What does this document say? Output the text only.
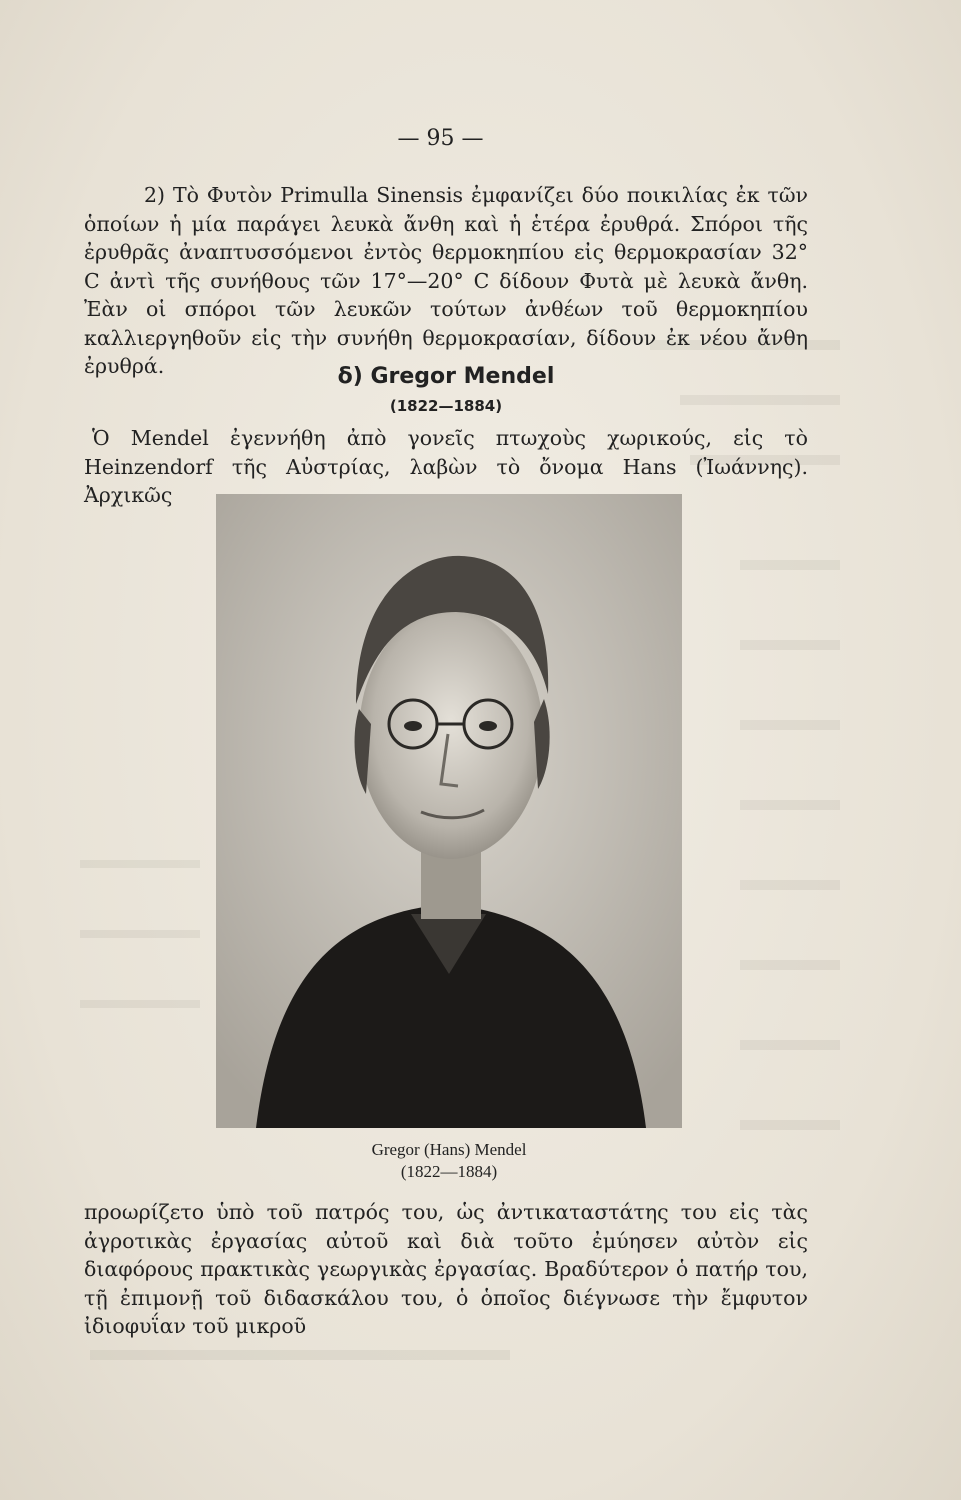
— 95 —

2) Τὸ Φυτὸν Primulla Sinensis ἐμφανίζει δύο ποικιλίας ἐκ τῶν ὁποίων ἡ μία παράγει λευκὰ ἄνθη καὶ ἡ ἑτέρα ἐρυθρά. Σπόροι τῆς ἐρυθρᾶς ἀναπτυσσόμενοι ἐντὸς θερμοκηπίου εἰς θερμοκρασίαν 32° C ἀντὶ τῆς συνήθους τῶν 17°—20° C δίδουν Φυτὰ μὲ λευκὰ ἄνθη. Ἐὰν οἱ σπόροι τῶν λευκῶν τούτων ἀνθέων τοῦ θερμοκηπίου καλλιεργηθοῦν εἰς τὴν συνήθη θερμοκρασίαν, δίδουν ἐκ νέου ἄνθη ἐρυθρά.	δ) Gregor Mendel
(1822—1884)

Ὁ Mendel ἐγεννήθη ἀπὸ γονεῖς πτωχοὺς χωρικούς, εἰς τὸ Heinzendorf τῆς Αὐστρίας, λαβὼν τὸ ὄνομα Hans (Ἰωάννης). Ἀρχικῶς

Gregor (Hans) Mendel
(1822—1884)

προωρίζετο ὑπὸ τοῦ πατρός του, ὡς ἀντικαταστάτης του εἰς τὰς ἀγροτικὰς ἐργασίας αὐτοῦ καὶ διὰ τοῦτο ἐμύησεν αὐτὸν εἰς διαφόρους πρακτικὰς γεωργικὰς ἐργασίας. Βραδύτερον ὁ πατήρ του, τῇ ἐπιμονῇ τοῦ διδασκάλου του, ὁ ὁποῖος διέγνωσε τὴν ἔμφυτον ἰδιοφυΐαν τοῦ μικροῦ
